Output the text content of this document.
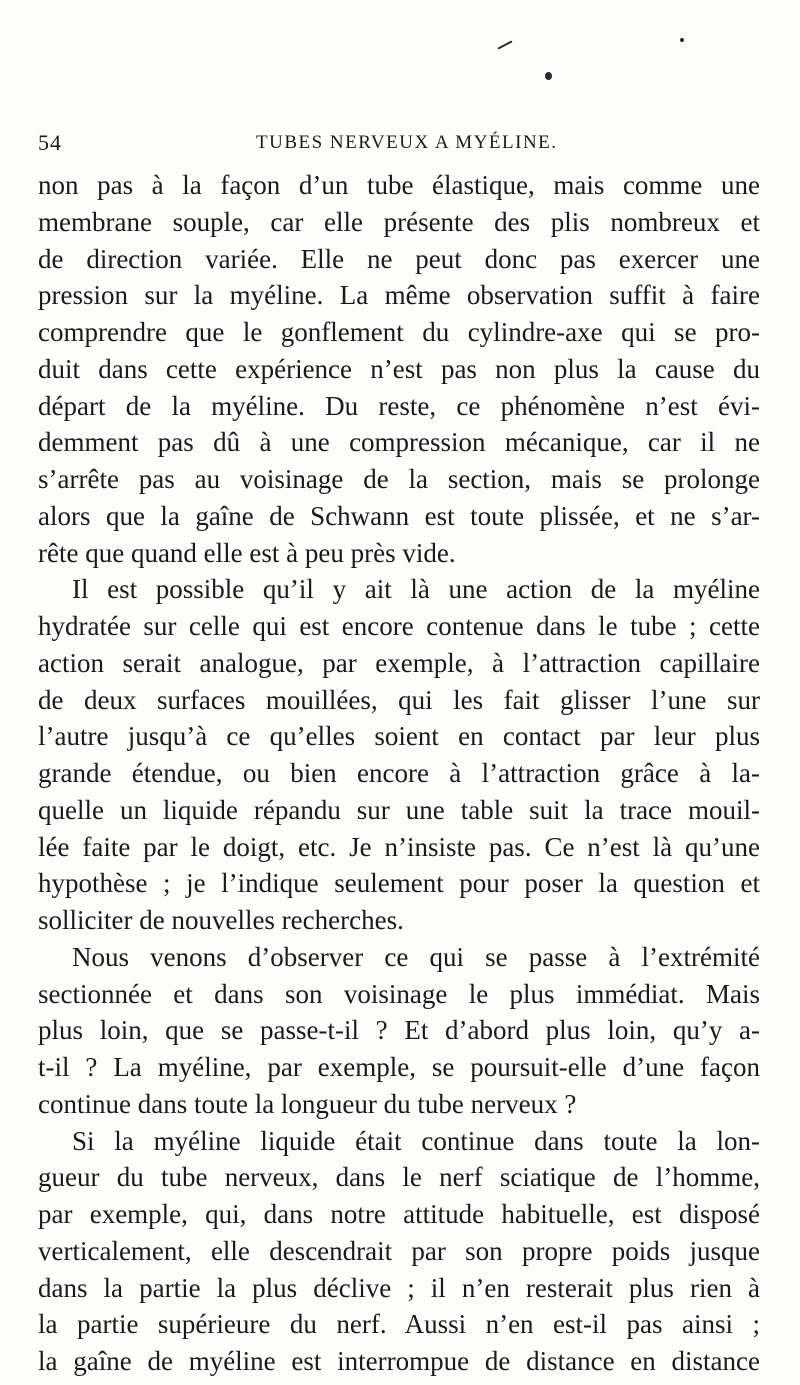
54	TUBES NERVEUX A MYÉLINE.
non pas à la façon d’un tube élastique, mais comme une
membrane souple, car elle présente des plis nombreux et
de direction variée. Elle ne peut donc pas exercer une
pression sur la myéline. La même observation suffit à faire
comprendre que le gonflement du cylindre-axe qui se pro-
duit dans cette expérience n’est pas non plus la cause du
départ de la myéline. Du reste, ce phénomène n’est évi-
demment pas dû à une compression mécanique, car il ne
s’arrête pas au voisinage de la section, mais se prolonge
alors que la gaîne de Schwann est toute plissée, et ne s’ar-
rête que quand elle est à peu près vide.
Il est possible qu’il y ait là une action de la myéline
hydratée sur celle qui est encore contenue dans le tube ; cette
action serait analogue, par exemple, à l’attraction capillaire
de deux surfaces mouillées, qui les fait glisser l’une sur
l’autre jusqu’à ce qu’elles soient en contact par leur plus
grande étendue, ou bien encore à l’attraction grâce à la-
quelle un liquide répandu sur une table suit la trace mouil-
lée faite par le doigt, etc. Je n’insiste pas. Ce n’est là qu’une
hypothèse ; je l’indique seulement pour poser la question et
solliciter de nouvelles recherches.
Nous venons d’observer ce qui se passe à l’extrémité
sectionnée et dans son voisinage le plus immédiat. Mais
plus loin, que se passe-t-il ? Et d’abord plus loin, qu’y a-
t-il ? La myéline, par exemple, se poursuit-elle d’une façon
continue dans toute la longueur du tube nerveux ?
Si la myéline liquide était continue dans toute la lon-
gueur du tube nerveux, dans le nerf sciatique de l’homme,
par exemple, qui, dans notre attitude habituelle, est disposé
verticalement, elle descendrait par son propre poids jusque
dans la partie la plus déclive ; il n’en resterait plus rien à
la partie supérieure du nerf. Aussi n’en est-il pas ainsi ;
la gaîne de myéline est interrompue de distance en distance
